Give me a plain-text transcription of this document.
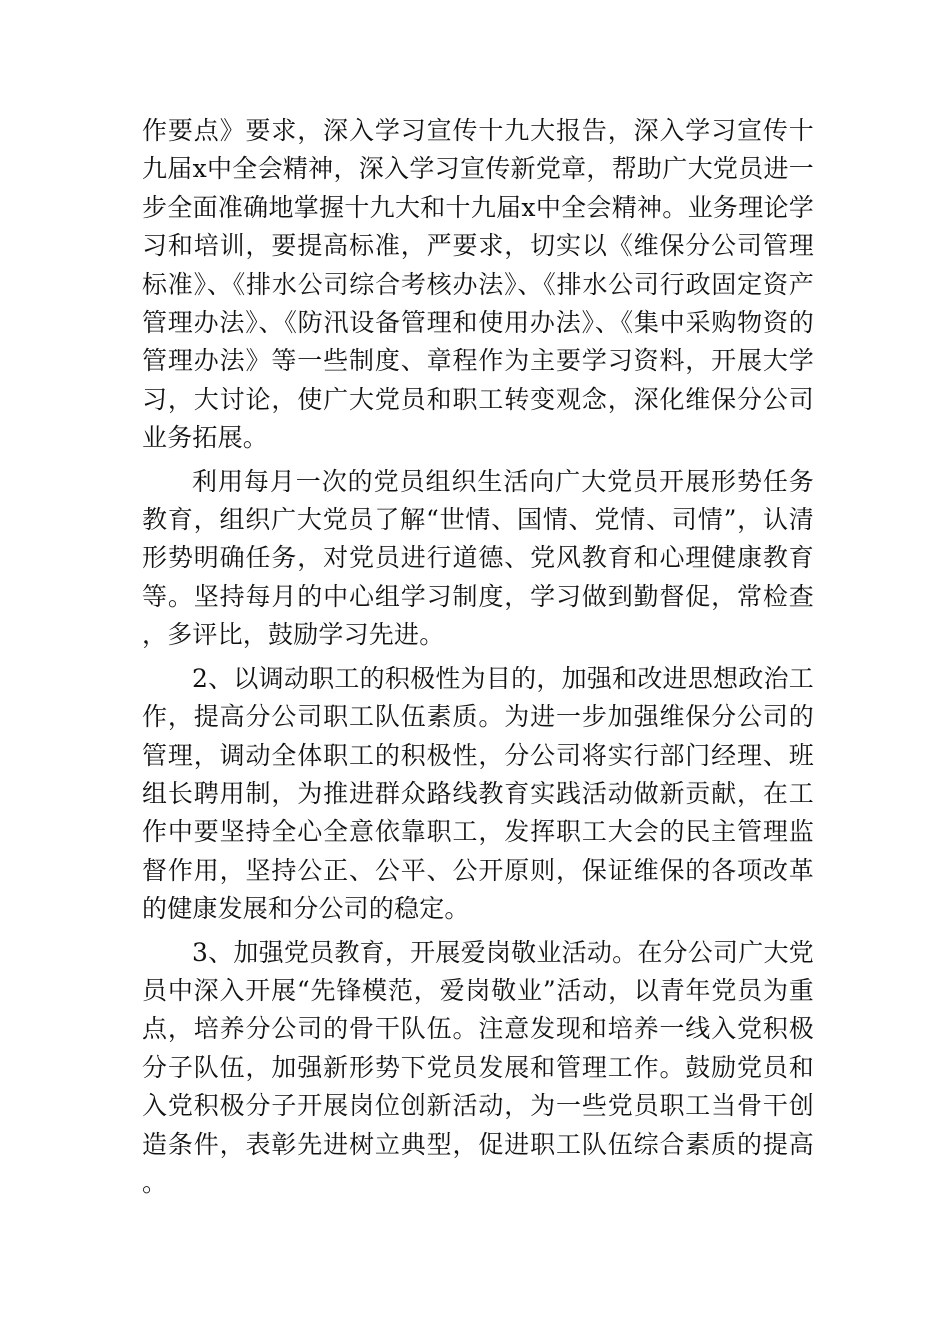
作要点》要求，深入学习宣传十九大报告，深入学习宣传十九届x中全会精神，深入学习宣传新党章，帮助广大党员进一步全面准确地掌握十九大和十九届x中全会精神。业务理论学习和培训，要提高标准，严要求，切实以《维保分公司管理标准》、《排水公司综合考核办法》、《排水公司行政固定资产管理办法》、《防汛设备管理和使用办法》、《集中采购物资的管理办法》等一些制度、章程作为主要学习资料，开展大学习，大讨论，使广大党员和职工转变观念，深化维保分公司业务拓展。

利用每月一次的党员组织生活向广大党员开展形势任务教育，组织广大党员了解“世情、国情、党情、司情”，认清形势明确任务，对党员进行道德、党风教育和心理健康教育等。坚持每月的中心组学习制度，学习做到勤督促，常检查，多评比，鼓励学习先进。

2、以调动职工的积极性为目的，加强和改进思想政治工作，提高分公司职工队伍素质。为进一步加强维保分公司的管理，调动全体职工的积极性，分公司将实行部门经理、班组长聘用制，为推进群众路线教育实践活动做新贡献，在工作中要坚持全心全意依靠职工，发挥职工大会的民主管理监督作用，坚持公正、公平、公开原则，保证维保的各项改革的健康发展和分公司的稳定。

3、加强党员教育，开展爱岗敬业活动。在分公司广大党员中深入开展“先锋模范，爱岗敬业”活动，以青年党员为重点，培养分公司的骨干队伍。注意发现和培养一线入党积极分子队伍，加强新形势下党员发展和管理工作。鼓励党员和入党积极分子开展岗位创新活动，为一些党员职工当骨干创造条件，表彰先进树立典型，促进职工队伍综合素质的提高。
